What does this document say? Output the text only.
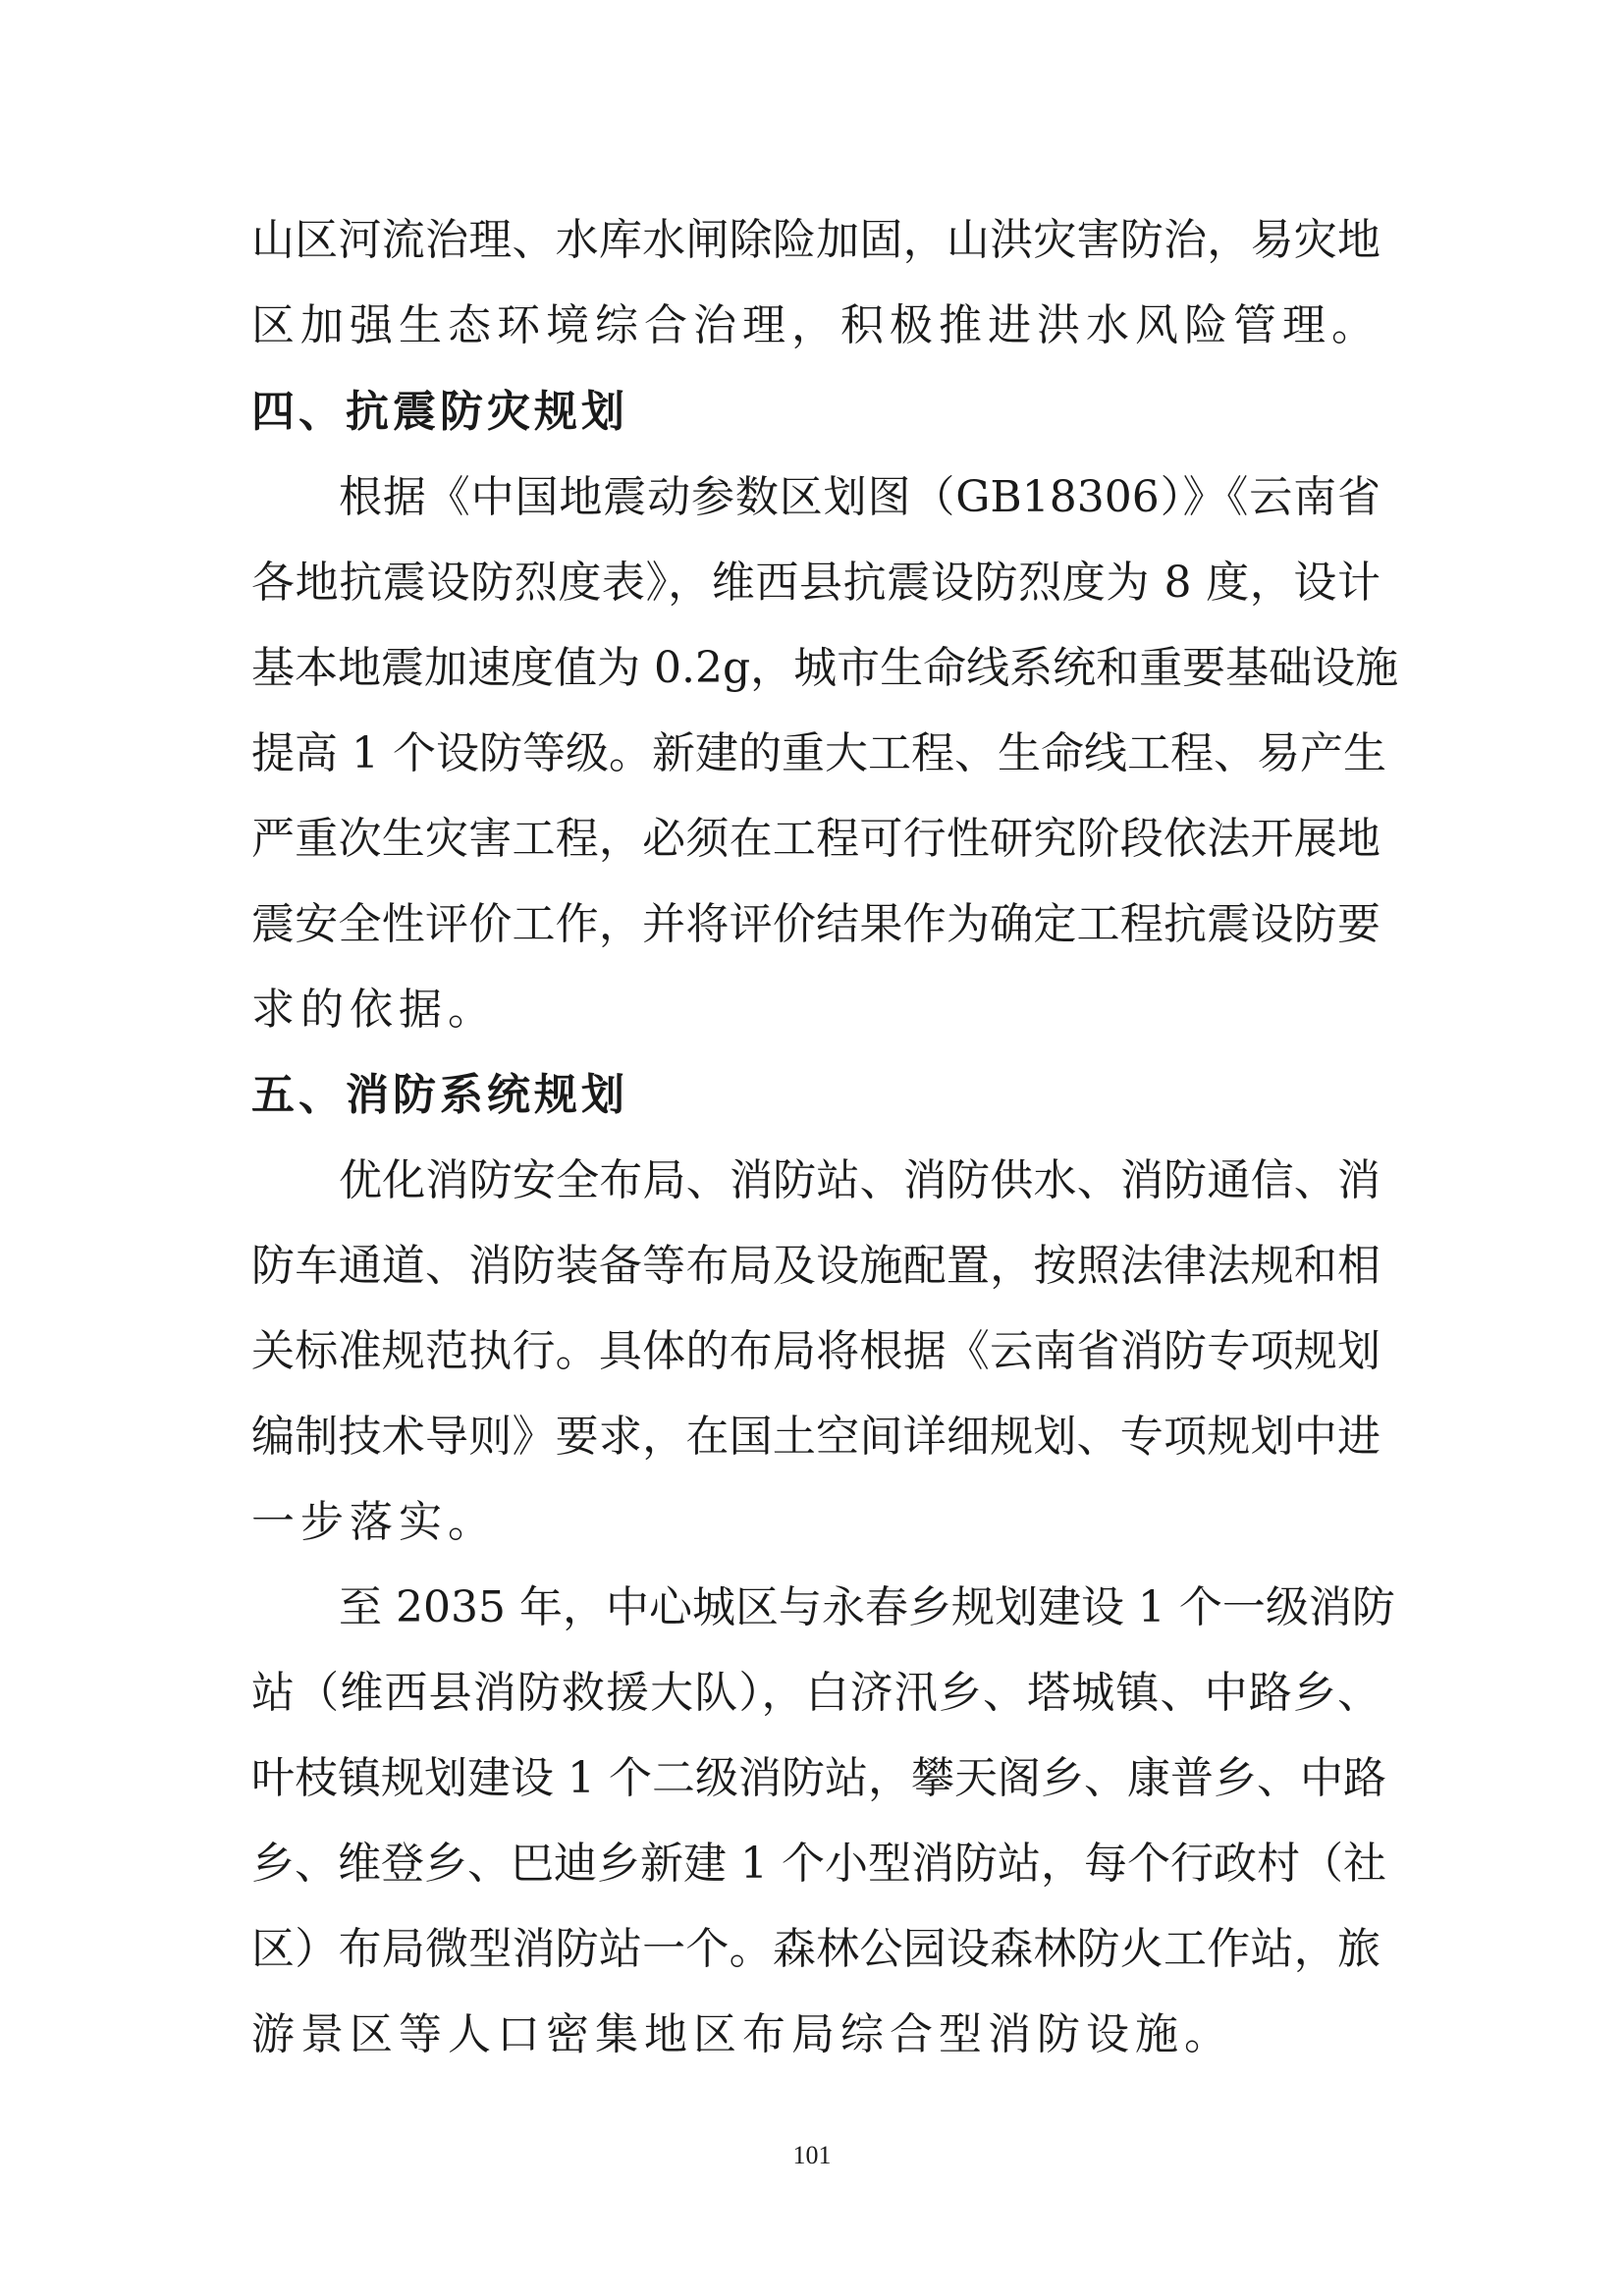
山区河流治理、水库水闸除险加固，山洪灾害防治，易灾地
区加强生态环境综合治理，积极推进洪水风险管理。
四、抗震防灾规划
根据《中国地震动参数区划图（GB18306）》《云南省
各地抗震设防烈度表》，维西县抗震设防烈度为 8 度，设计
基本地震加速度值为 0.2g，城市生命线系统和重要基础设施
提高 1 个设防等级。新建的重大工程、生命线工程、易产生
严重次生灾害工程，必须在工程可行性研究阶段依法开展地
震安全性评价工作，并将评价结果作为确定工程抗震设防要
求的依据。
五、消防系统规划
优化消防安全布局、消防站、消防供水、消防通信、消
防车通道、消防装备等布局及设施配置，按照法律法规和相
关标准规范执行。具体的布局将根据《云南省消防专项规划
编制技术导则》要求，在国土空间详细规划、专项规划中进
一步落实。
至 2035 年，中心城区与永春乡规划建设 1 个一级消防
站（维西县消防救援大队），白济汛乡、塔城镇、中路乡、
叶枝镇规划建设 1 个二级消防站，攀天阁乡、康普乡、中路
乡、维登乡、巴迪乡新建 1 个小型消防站，每个行政村（社
区）布局微型消防站一个。森林公园设森林防火工作站，旅
游景区等人口密集地区布局综合型消防设施。
101
